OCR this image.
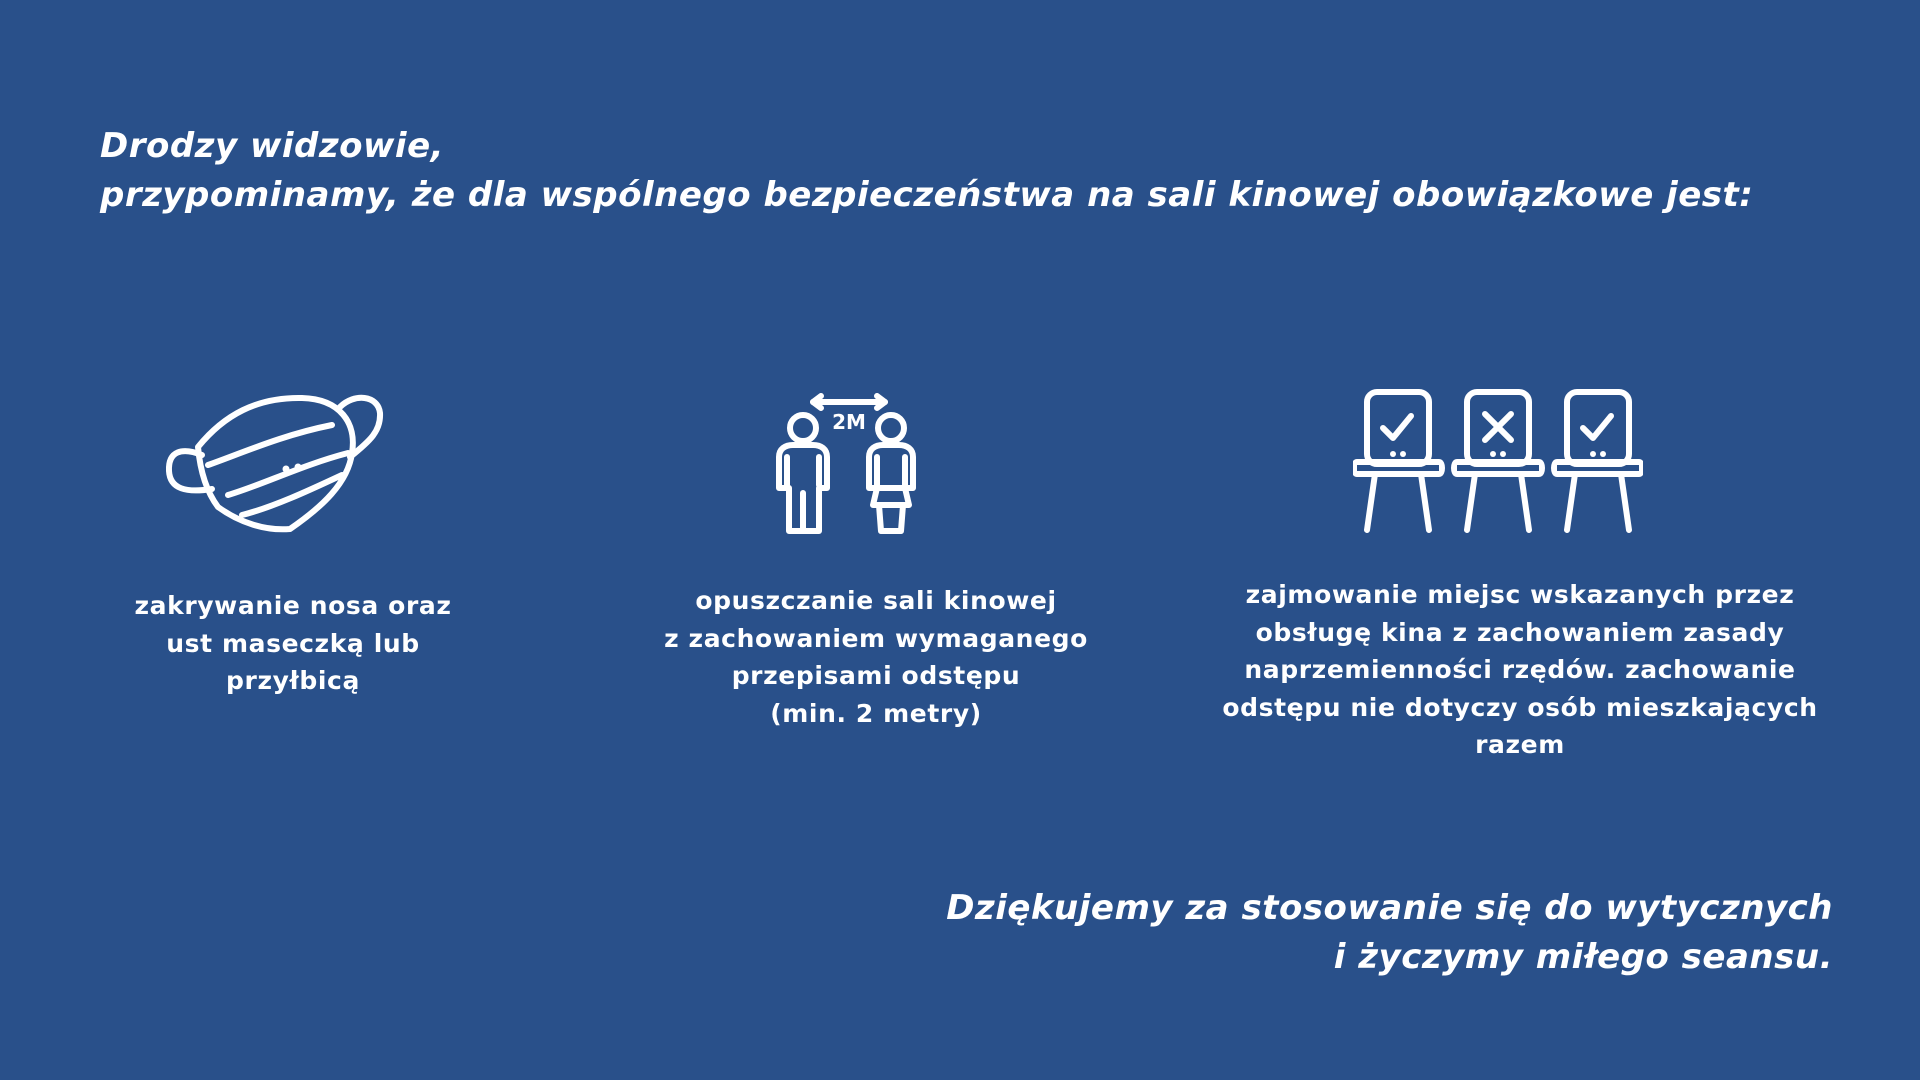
Drodzy widzowie,
przypominamy, że dla wspólnego bezpieczeństwa na sali kinowej obowiązkowe jest:
zakrywanie nosa oraz
ust maseczką lub
przyłbicą
2M
opuszczanie sali kinowej
z zachowaniem wymaganego
przepisami odstępu
(min. 2 metry)
zajmowanie miejsc wskazanych przez
obsługę kina z zachowaniem zasady
naprzemienności rzędów. zachowanie
odstępu nie dotyczy osób mieszkających
razem
Dziękujemy za stosowanie się do wytycznych
i życzymy miłego seansu.
